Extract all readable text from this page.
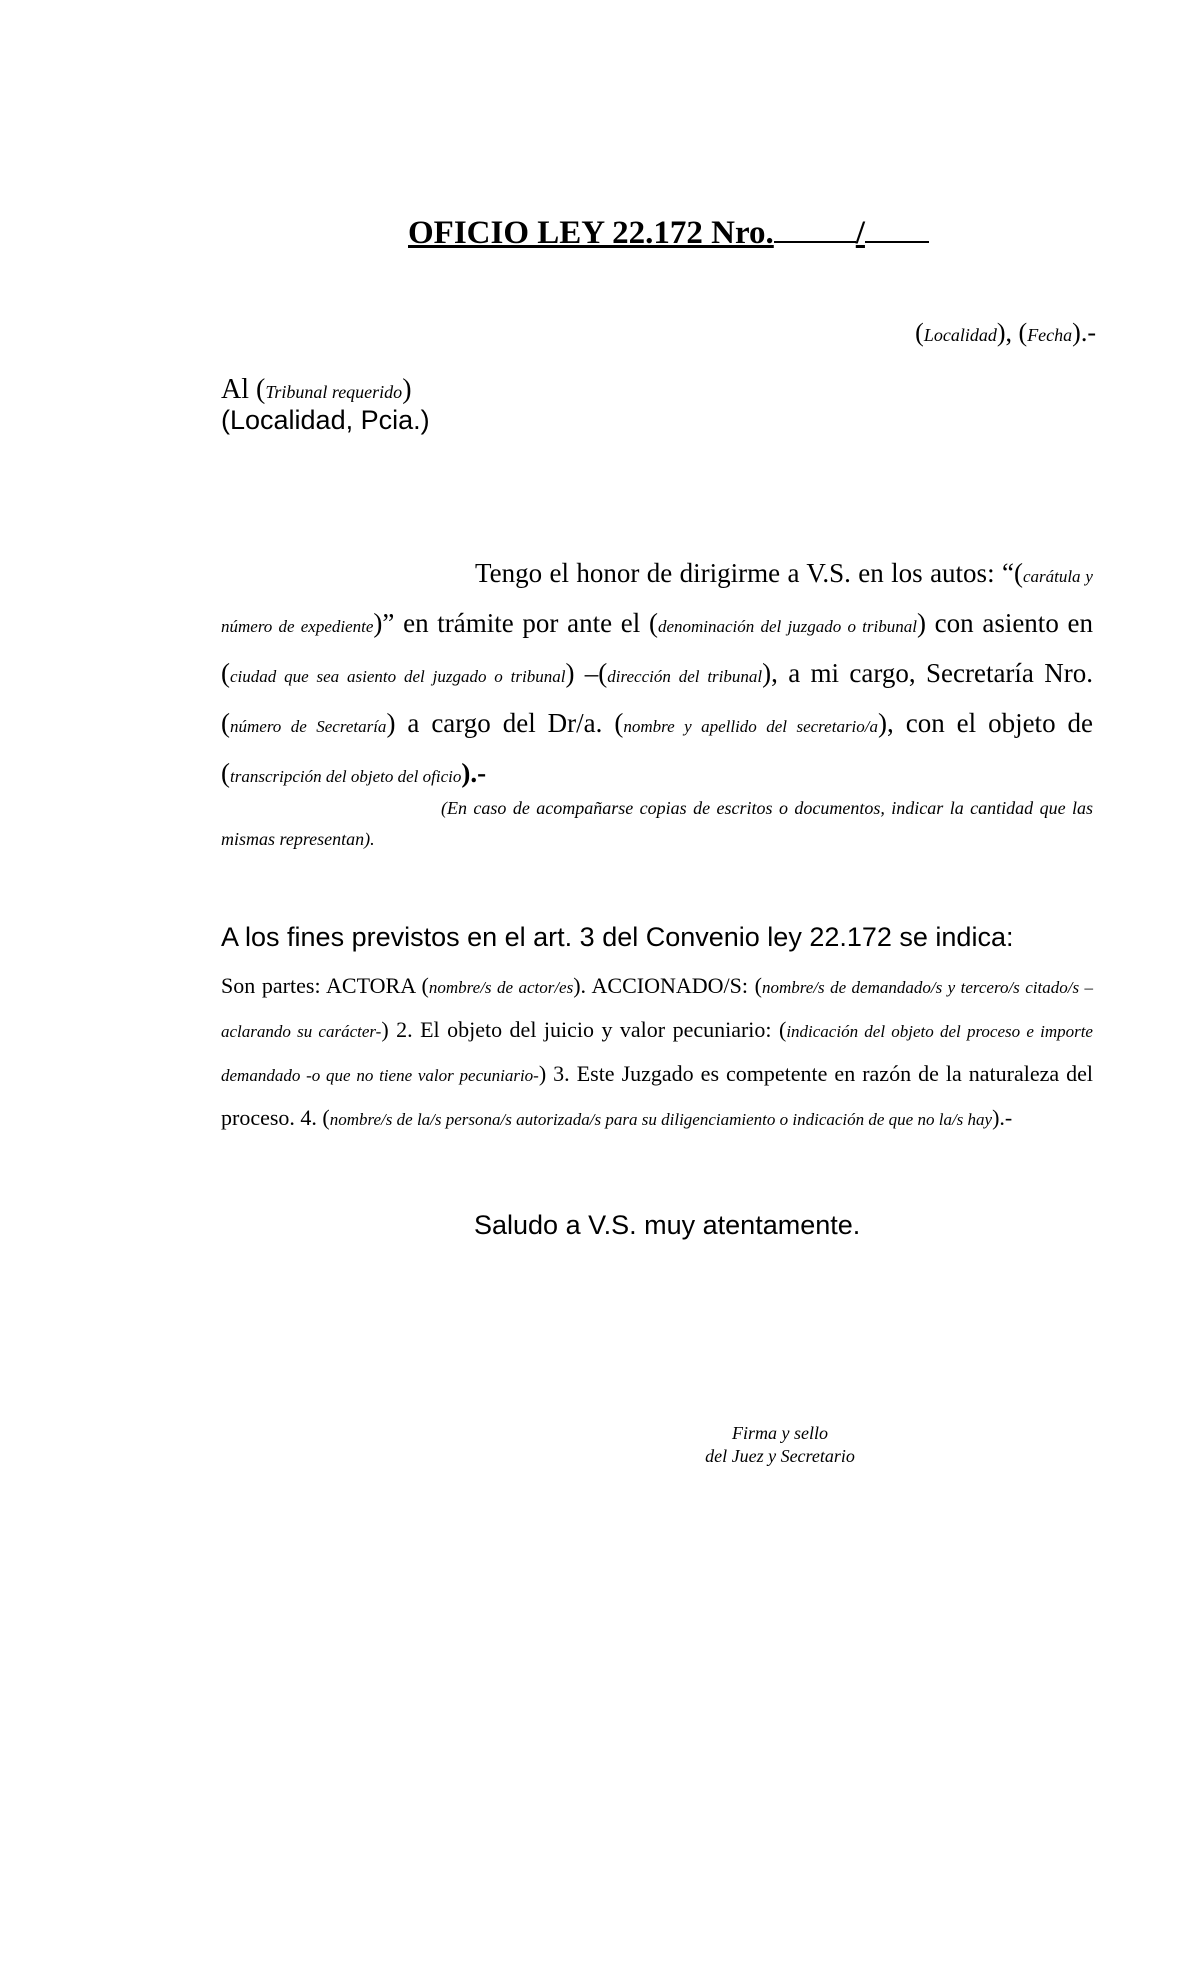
OFICIO LEY 22.172 Nro. /
(Localidad), (Fecha).-
Al (Tribunal requerido)
(Localidad, Pcia.)
Tengo el honor de dirigirme a V.S. en los autos: “(carátula y número de expediente)” en trámite por ante el (denominación del juzgado o tribunal) con asiento en (ciudad que sea asiento del juzgado o tribunal) –(dirección del tribunal), a mi cargo, Secretaría Nro. (número de Secretaría) a cargo del Dr/a. (nombre y apellido del secretario/a), con el objeto de (transcripción del objeto del oficio).-
(En caso de acompañarse copias de escritos o documentos, indicar la cantidad que las mismas representan).
A los fines previstos en el art. 3 del Convenio ley 22.172 se indica:
Son partes: ACTORA (nombre/s de actor/es). ACCIONADO/S: (nombre/s de demandado/s y tercero/s citado/s –aclarando su carácter-) 2. El objeto del juicio y valor pecuniario: (indicación del objeto del proceso e importe demandado -o que no tiene valor pecuniario-) 3. Este Juzgado es competente en razón de la naturaleza del proceso. 4. (nombre/s de la/s persona/s autorizada/s para su diligenciamiento o indicación de que no la/s hay).-
Saludo a V.S. muy atentamente.
Firma y sello
del Juez y Secretario
